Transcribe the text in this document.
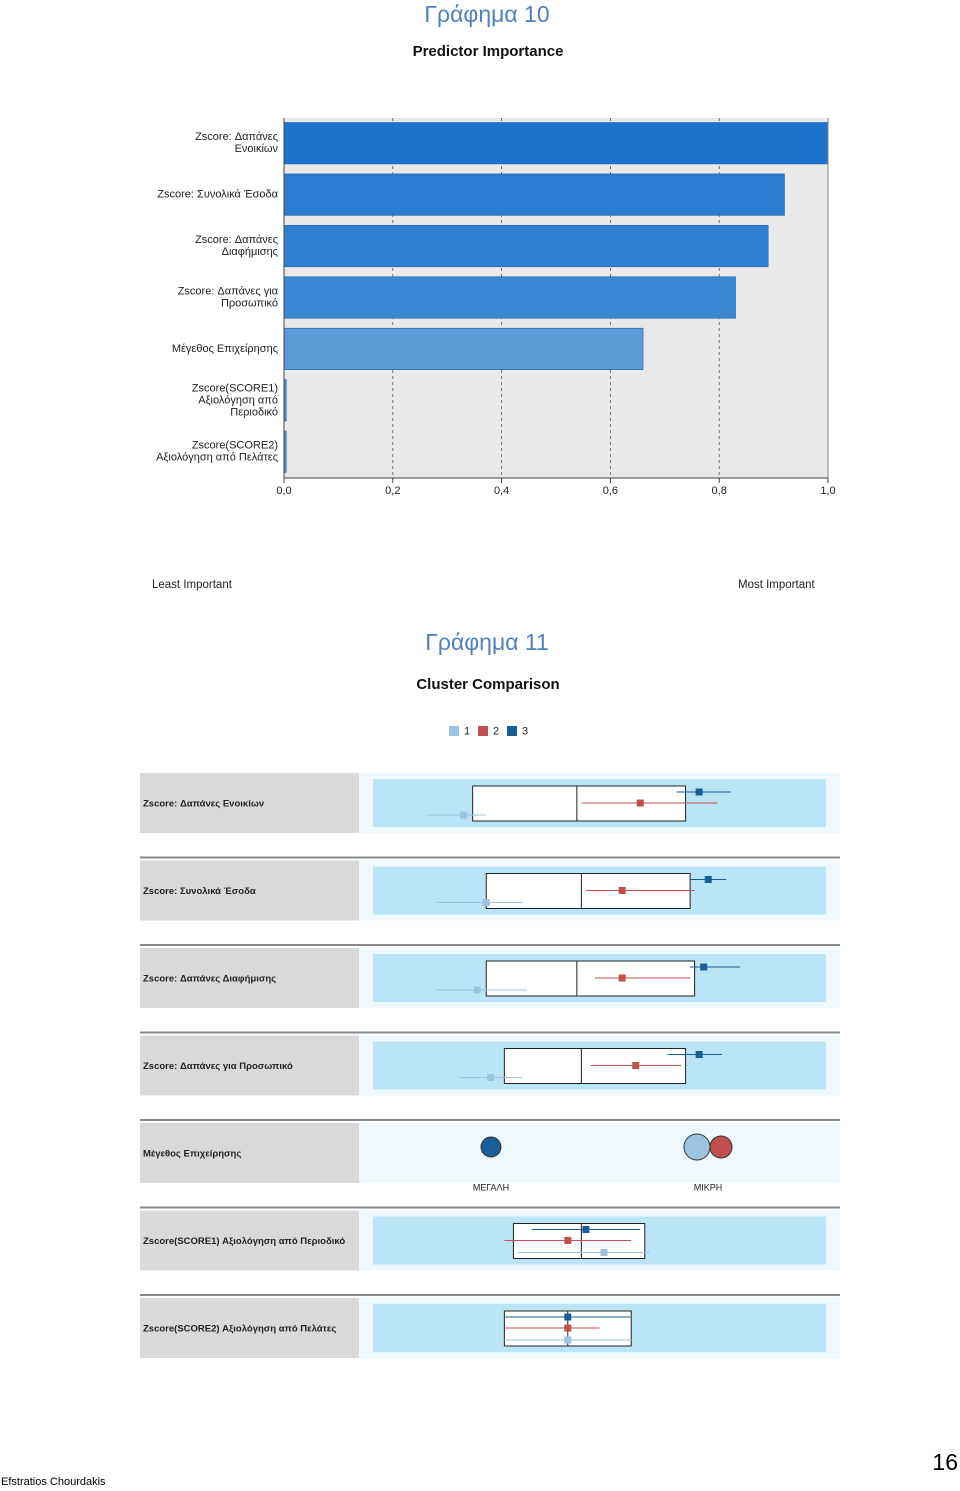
Γράφημα 10
Predictor Importance
0,0	0,2	0,4	0,6	0,8	1,0
Zscore: Δαπάνες
Ενοικίων
Zscore: Συνολικά Έσοδα
Zscore: Δαπάνες
Διαφήμισης
Zscore: Δαπάνες για
Προσωπικό
Μέγεθος Επιχείρησης
Zscore(SCORE1)
Αξιολόγηση από
Περιοδικό
Zscore(SCORE2)
Αξιολόγηση από Πελάτες
Least Important	Most Important
Γράφημα 11
Cluster Comparison
1 2 3
Zscore: Δαπάνες Ενοικίων
Zscore: Συνολικά Έσοδα
Zscore: Δαπάνες Διαφήμισης
Zscore: Δαπάνες για Προσωπικό
Μέγεθος Επιχείρησης
ΜΕΓΑΛΗ	ΜΙΚΡΗ
Zscore(SCORE1) Αξιολόγηση από Περιοδικό
Zscore(SCORE2) Αξιολόγηση από Πελάτες
Efstratios Chourdakis
16
